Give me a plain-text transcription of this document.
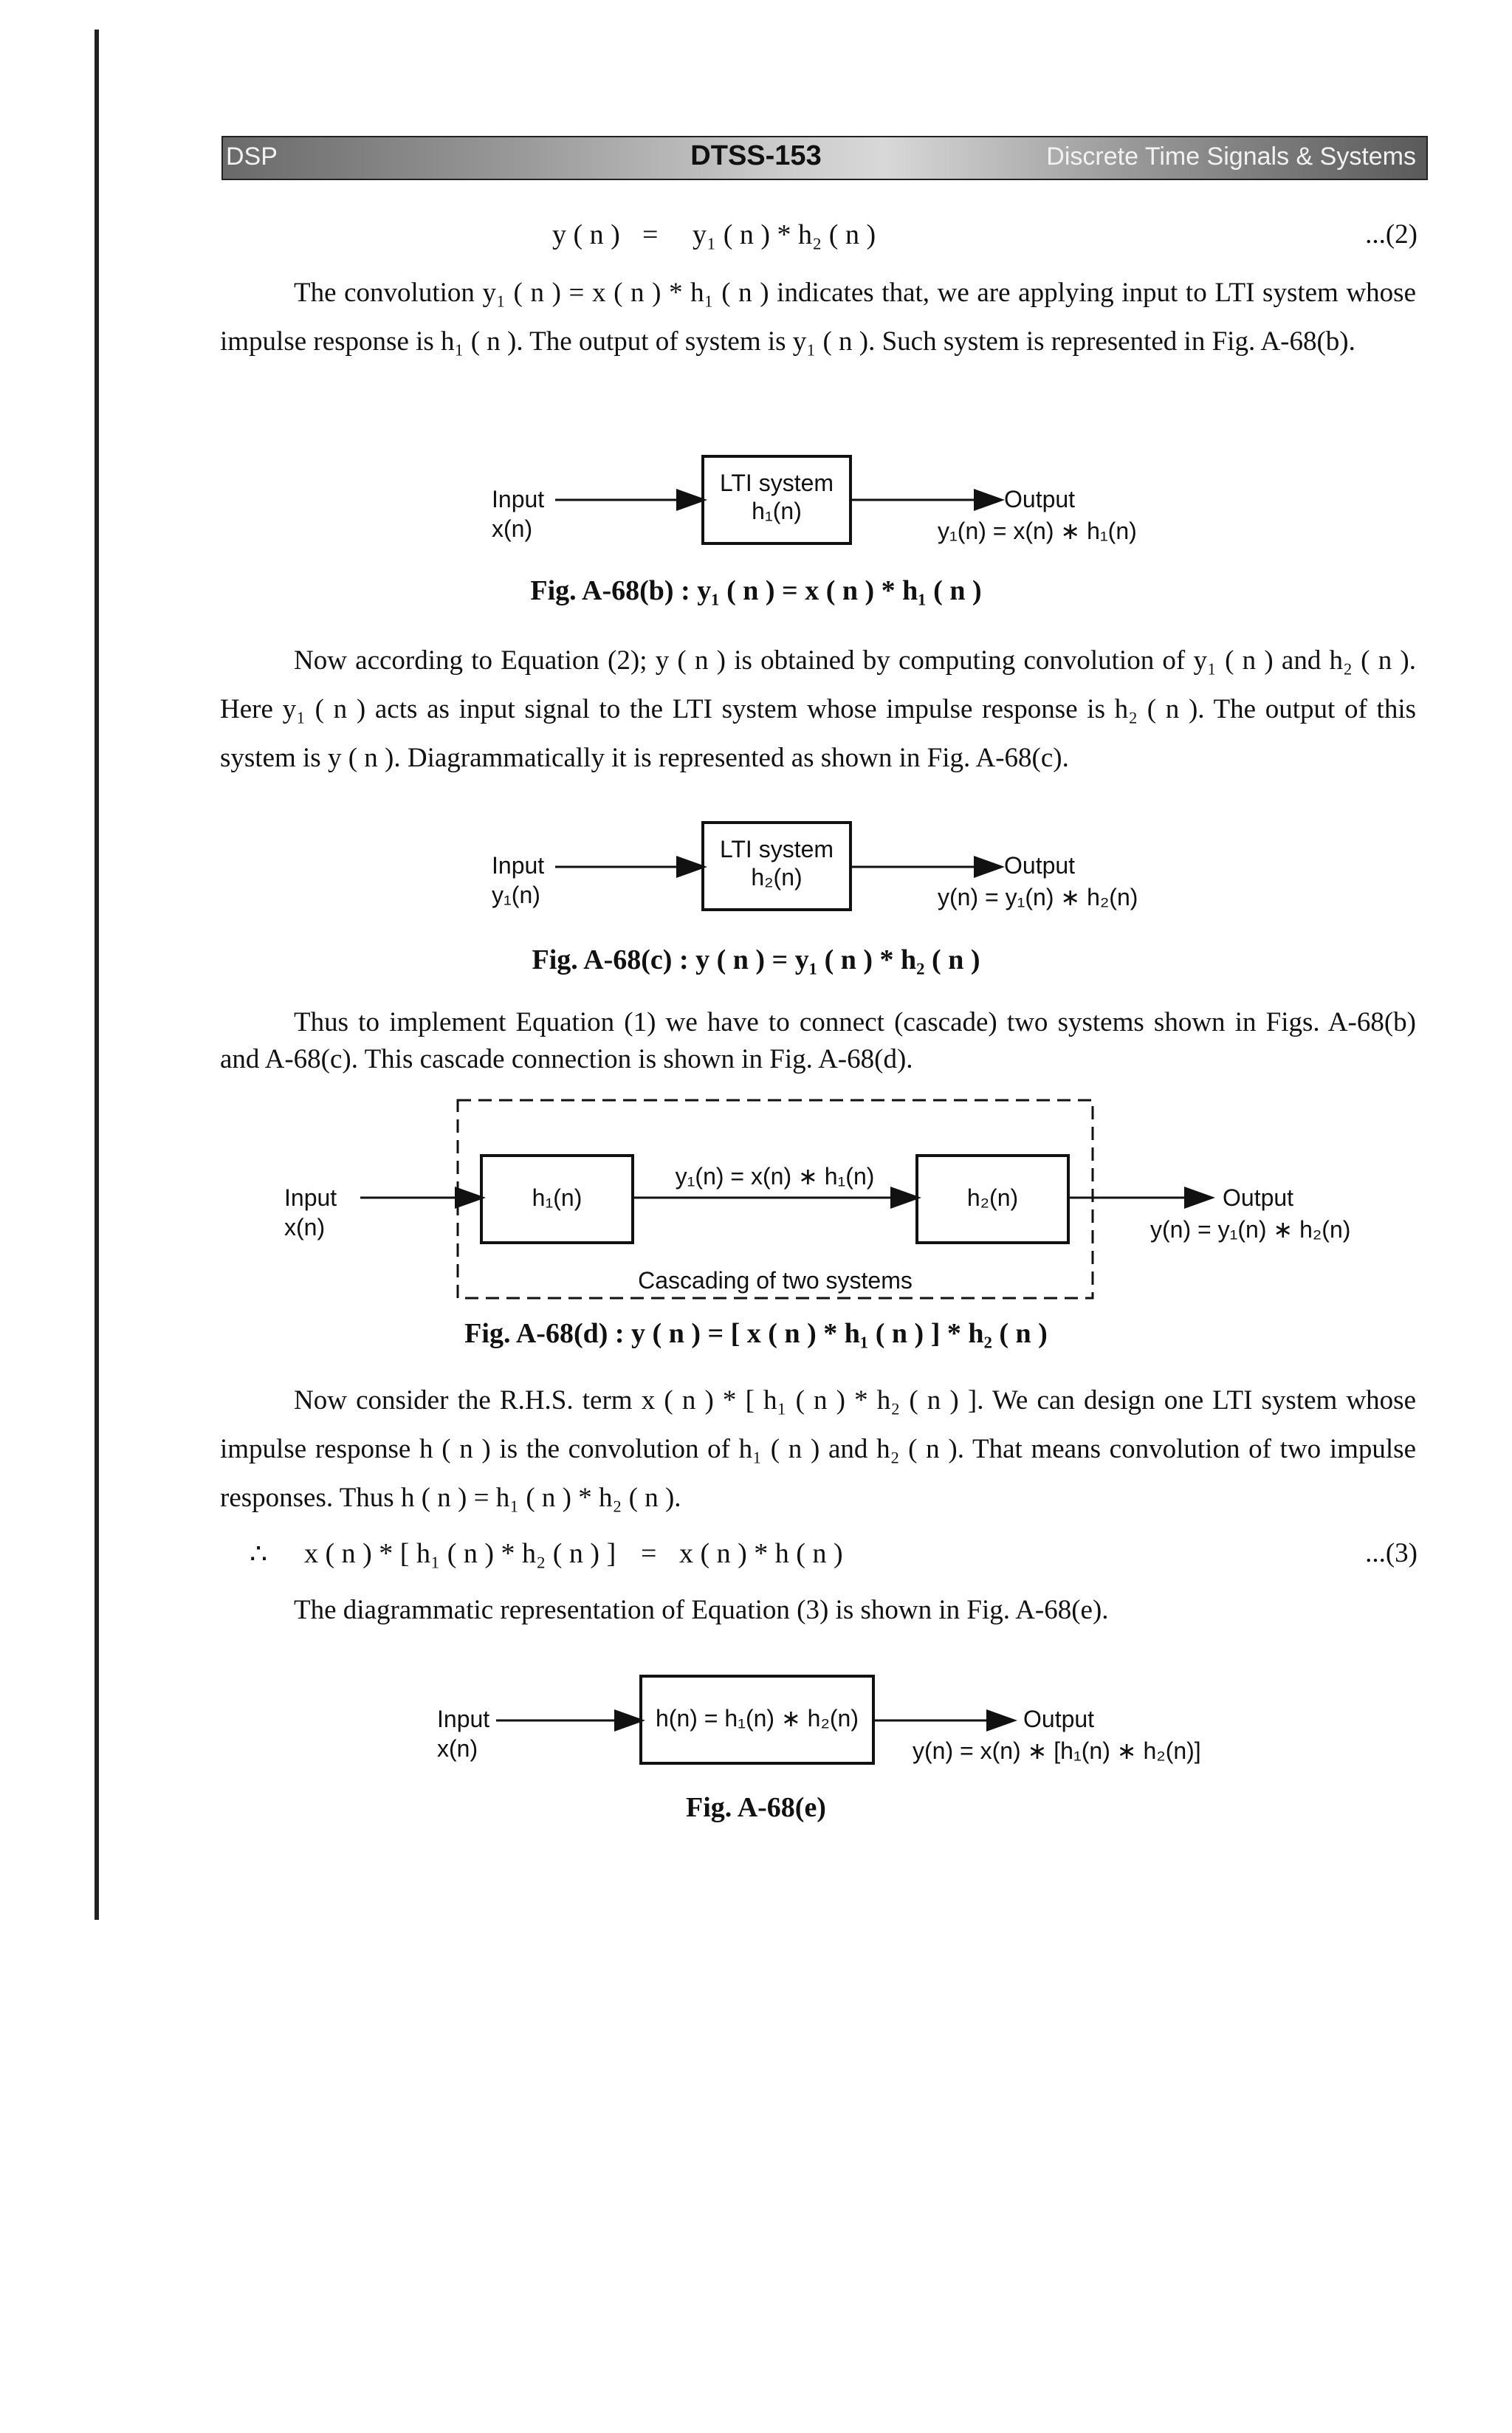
DSP	DTSS-153	Discrete Time Signals & Systems
y ( n ) = y₁ ( n ) * h₂ ( n )	...(2)
The convolution y₁ ( n ) = x ( n ) * h₁ ( n ) indicates that, we are applying input to LTI system whose impulse response is h₁ ( n ). The output of system is y₁ ( n ). Such system is represented in Fig. A-68(b).
Input
x(n)
LTI system
h₁(n)	Output
y₁(n) = x(n) ∗ h₁(n)
Fig. A-68(b) : y₁ ( n ) = x ( n ) * h₁ ( n )
Now according to Equation (2); y ( n ) is obtained by computing convolution of y₁ ( n ) and h₂ ( n ). Here y₁ ( n ) acts as input signal to the LTI system whose impulse response is h₂ ( n ). The output of this system is y ( n ). Diagrammatically it is represented as shown in Fig. A-68(c).
Input
y₁(n)
LTI system
h₂(n)	Output
y(n) = y₁(n) ∗ h₂(n)
Fig. A-68(c) : y ( n ) = y₁ ( n ) * h₂ ( n )
Thus to implement Equation (1) we have to connect (cascade) two systems shown in Figs. A-68(b) and A-68(c). This cascade connection is shown in Fig. A-68(d).
Input
x(n)
h₁(n)
y₁(n) = x(n) ∗ h₁(n)
h₂(n)	Output
y(n) = y₁(n) ∗ h₂(n)
Cascading of two systems
Fig. A-68(d) : y ( n ) = [ x ( n ) * h₁ ( n ) ] * h₂ ( n )
Now consider the R.H.S. term x ( n ) * [ h₁ ( n ) * h₂ ( n ) ]. We can design one LTI system whose impulse response h ( n ) is the convolution of h₁ ( n ) and h₂ ( n ). That means convolution of two impulse responses. Thus h ( n ) = h₁ ( n ) * h₂ ( n ).
∴ x ( n ) * [ h₁ ( n ) * h₂ ( n ) ] = x ( n ) * h ( n )	...(3)
The diagrammatic representation of Equation (3) is shown in Fig. A-68(e).
Input
x(n)
h(n) = h₁(n) ∗ h₂(n)	Output
y(n) = x(n) ∗ [h₁(n) ∗ h₂(n)]
Fig. A-68(e)
